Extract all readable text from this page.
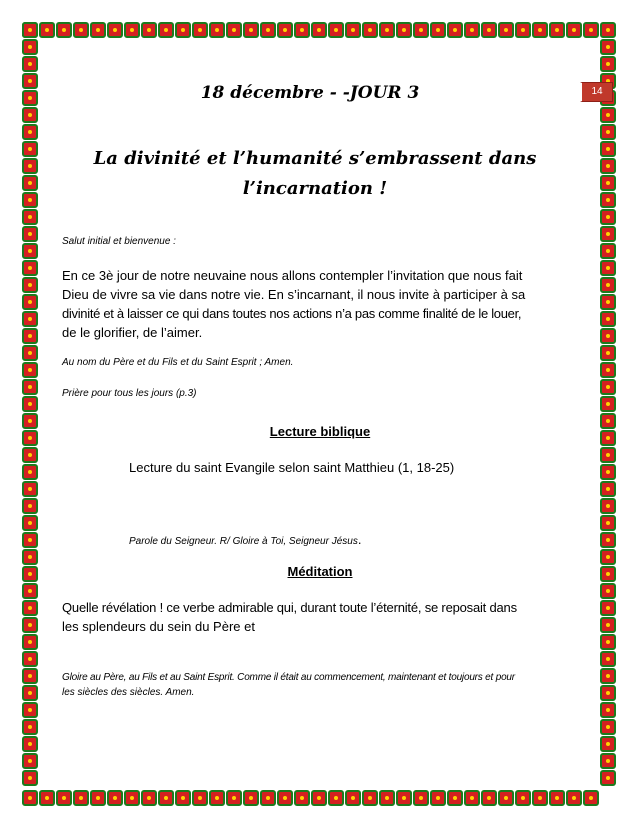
14
18 décembre - -JOUR 3
La divinité et l’humanité s’embrassent dans
l’incarnation !
Salut initial et bienvenue :
En ce 3è jour de notre neuvaine nous allons contempler l’invitation que nous fait
Dieu de vivre sa vie dans notre vie. En s’incarnant, il nous invite à participer à sa
divinité et à laisser ce qui dans toutes nos actions n’a pas comme finalité de le louer,
de le glorifier, de l’aimer.
Au nom du Père et du Fils et du Saint Esprit ; Amen.
Prière pour tous les jours (p.3)
Lecture biblique
Lecture du saint Evangile selon saint Matthieu (1, 18-25)
Parole du Seigneur. R/ Gloire à Toi, Seigneur Jésus.
Méditation
Quelle révélation ! ce verbe admirable qui, durant toute l’éternité, se reposait dans
les splendeurs du sein du Père et
Gloire au Père, au Fils et au Saint Esprit. Comme il était au commencement, maintenant et toujours et pour
les siècles des siècles. Amen.
